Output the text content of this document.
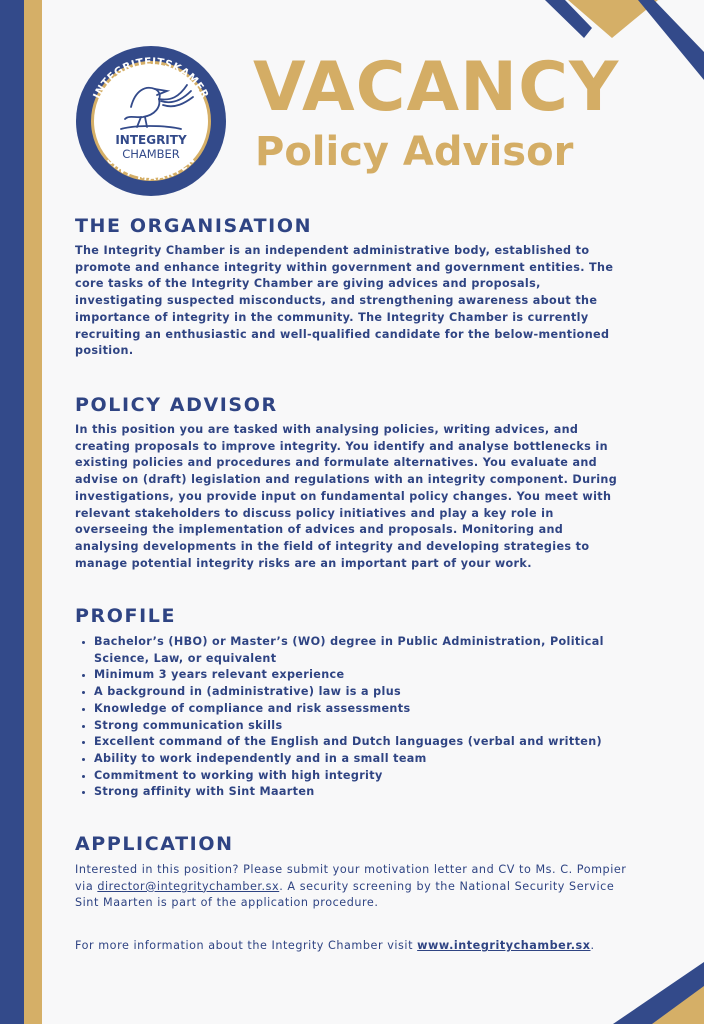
INTEGRITEITSKAMER
SINT MAARTEN
INTEGRITY
CHAMBER
VACANCY
Policy Advisor
THE ORGANISATION

The Integrity Chamber is an independent administrative body, established to promote and enhance integrity within government and government entities. The core tasks of the Integrity Chamber are giving advices and proposals, investigating suspected misconducts, and strengthening awareness about the importance of integrity in the community. The Integrity Chamber is currently recruiting an enthusiastic and well-qualified candidate for the below-mentioned position.

POLICY ADVISOR

In this position you are tasked with analysing policies, writing advices, and creating proposals to improve integrity. You identify and analyse bottlenecks in existing policies and procedures and formulate alternatives. You evaluate and advise on (draft) legislation and regulations with an integrity component. During investigations, you provide input on fundamental policy changes. You meet with relevant stakeholders to discuss policy initiatives and play a key role in overseeing the implementation of advices and proposals. Monitoring and analysing developments in the field of integrity and developing strategies to manage potential integrity risks are an important part of your work.

PROFILE
• Bachelor’s (HBO) or Master’s (WO) degree in Public Administration, Political Science, Law, or equivalent
• Minimum 3 years relevant experience
• A background in (administrative) law is a plus
• Knowledge of compliance and risk assessments
• Strong communication skills
• Excellent command of the English and Dutch languages (verbal and written)
• Ability to work independently and in a small team
• Commitment to working with high integrity
• Strong affinity with Sint Maarten
APPLICATION

Interested in this position? Please submit your motivation letter and CV to Ms. C. Pompier via director@integritychamber.sx. A security screening by the National Security Service Sint Maarten is part of the application procedure.

For more information about the Integrity Chamber visit www.integritychamber.sx.
